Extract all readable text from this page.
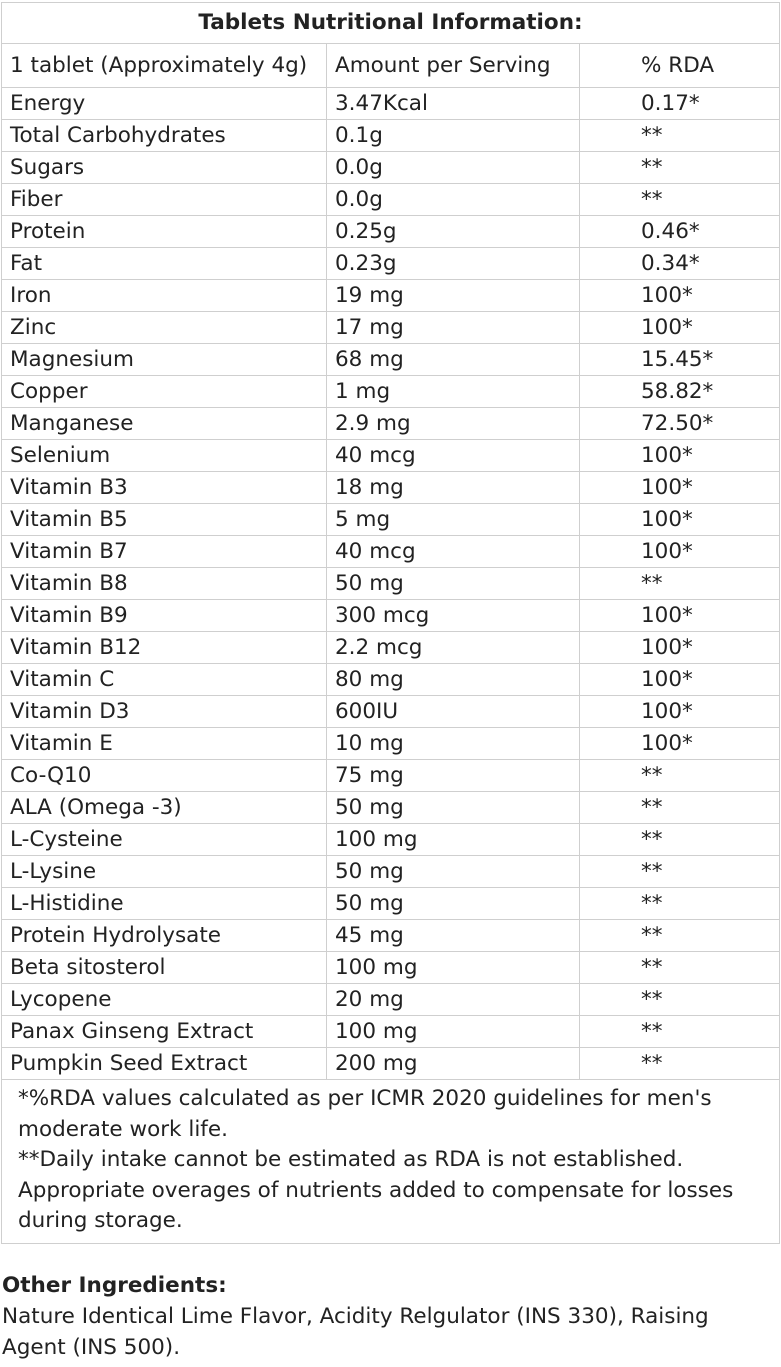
Tablets Nutritional Information:		
1 tablet (Approximately 4g)	Amount per Serving	% RDA
Energy	3.47Kcal	0.17*
Total Carbohydrates	0.1g	**
Sugars	0.0g	**
Fiber	0.0g	**
Protein	0.25g	0.46*
Fat	0.23g	0.34*
Iron	19 mg	100*
Zinc	17 mg	100*
Magnesium	68 mg	15.45*
Copper	1 mg	58.82*
Manganese	2.9 mg	72.50*
Selenium	40 mcg	100*
Vitamin B3	18 mg	100*
Vitamin B5	5 mg	100*
Vitamin B7	40 mcg	100*
Vitamin B8	50 mg	**
Vitamin B9	300 mcg	100*
Vitamin B12	2.2 mcg	100*
Vitamin C	80 mg	100*
Vitamin D3	600IU	100*
Vitamin E	10 mg	100*
Co-Q10	75 mg	**
ALA (Omega -3)	50 mg	**
L-Cysteine	100 mg	**
L-Lysine	50 mg	**
L-Histidine	50 mg	**
Protein Hydrolysate	45 mg	**
Beta sitosterol	100 mg	**
Lycopene	20 mg	**
Panax Ginseng Extract	100 mg	**
Pumpkin Seed Extract	200 mg	**

*%RDA values calculated as per ICMR 2020 guidelines for men's moderate work life.

**Daily intake cannot be estimated as RDA is not established. Appropriate overages of nutrients added to compensate for losses during storage.		

Other Ingredients:

Nature Identical Lime Flavor, Acidity Relgulator (INS 330), Raising Agent (INS 500).
